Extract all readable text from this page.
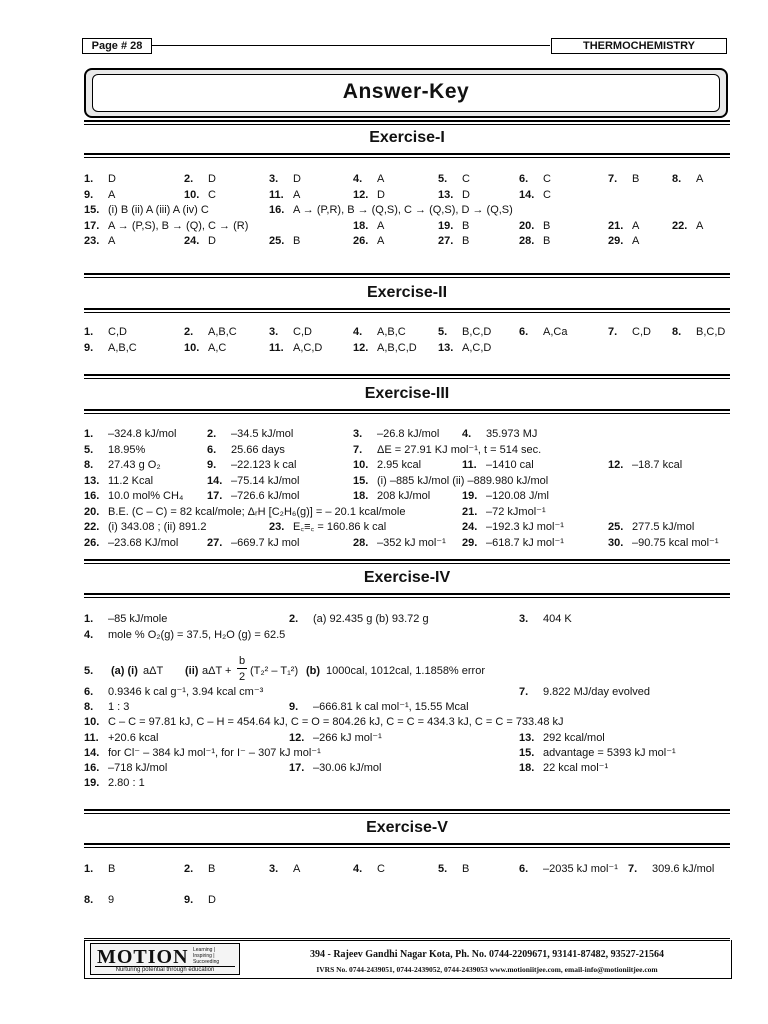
Page # 28	THERMOCHEMISTRY
Answer-Key
Exercise-I
1. D	2. D	3. D	4. A	5. C	6. C	7. B	8. A
9. A	10. C	11. A	12. D	13. D	14. C
15. (i) B (ii) A (iii) A (iv) C	16. A → (P,R), B → (Q,S), C → (Q,S), D → (Q,S)
17. A → (P,S), B → (Q), C → (R)	18. A	19. B	20. B	21. A	22. A
23. A	24. D	25. B	26. A	27. B	28. B	29. A
Exercise-II
1. C,D	2. A,B,C	3. C,D	4. A,B,C	5. B,C,D	6. A,Ca	7. C,D 8. B,C,D
9. A,B,C	10. A,C	11. A,C,D	12. A,B,C,D 13. A,C,D
Exercise-III
1. –324.8 kJ/mol	2. –34.5 kJ/mol	3. –26.8 kJ/mol 4. 35.973 MJ
5. 18.95%	6. 25.66 days	7. ΔE = 27.91 KJ mol⁻¹, t = 514 sec.
8. 27.43 g O₂	9. –22.123 k cal	10. 2.95 kcal	11. –1410 cal	12. –18.7 kcal
13. 11.2 Kcal	14. –75.14 kJ/mol	15. (i) –885 kJ/mol (ii) –889.980 kJ/mol
16. 10.0 mol% CH₄ 17. –726.6 kJ/mol	18. 208 kJ/mol	19. –120.08 J/ml
20. B.E. (C – C) = 82 kcal/mole; ΔᵣH [C₂H₆(g)] = – 20.1 kcal/mole	21. –72 kJmol⁻¹
22. (i) 343.08 ; (ii) 891.2	23. E꜀≡꜀ = 160.86 k cal	24. –192.3 kJ mol⁻¹	25. 277.5 kJ/mol
26. –23.68 KJ/mol	27. –669.7 kJ mol	28. –352 kJ mol⁻¹ 29. –618.7 kJ mol⁻¹	30. –90.75 kcal mol⁻¹
Exercise-IV
1. –85 kJ/mole	2. (a) 92.435 g (b) 93.72 g	3. 404 K
4. mole % O₂(g) = 37.5, H₂O (g) = 62.5
5. (a) (i) aΔT (ii) aΔT +
b
2 (T₂² – T₁²) (b) 1000cal, 1012cal, 1.1858% error
6. 0.9346 k cal g⁻¹, 3.94 kcal cm⁻³	7. 9.822 MJ/day evolved
8. 1 : 3	9. –666.81 k cal mol⁻¹, 15.55 Mcal
10. C – C = 97.81 kJ, C – H = 454.64 kJ, C = O = 804.26 kJ, C = C = 434.3 kJ, C = C = 733.48 kJ
11. +20.6 kcal	12. –266 kJ mol⁻¹	13. 292 kcal/mol
14. for Cl⁻ – 384 kJ mol⁻¹, for I⁻ – 307 kJ mol⁻¹	15. advantage = 5393 kJ mol⁻¹
16. –718 kJ/mol	17. –30.06 kJ/mol	18. 22 kcal mol⁻¹
19. 2.80 : 1
Exercise-V
1. B	2. B	3. A	4. C	5. B	6. –2035 kJ mol⁻¹ 7. 309.6 kJ/mol
8. 9	9. D
MOTION Learning | Inspiring | Succeeding
Nurturing potential through education
394 - Rajeev Gandhi Nagar Kota, Ph. No. 0744-2209671, 93141-87482, 93527-21564
IVRS No. 0744-2439051, 0744-2439052, 0744-2439053 www.motioniitjee.com, email-info@motioniitjee.com
